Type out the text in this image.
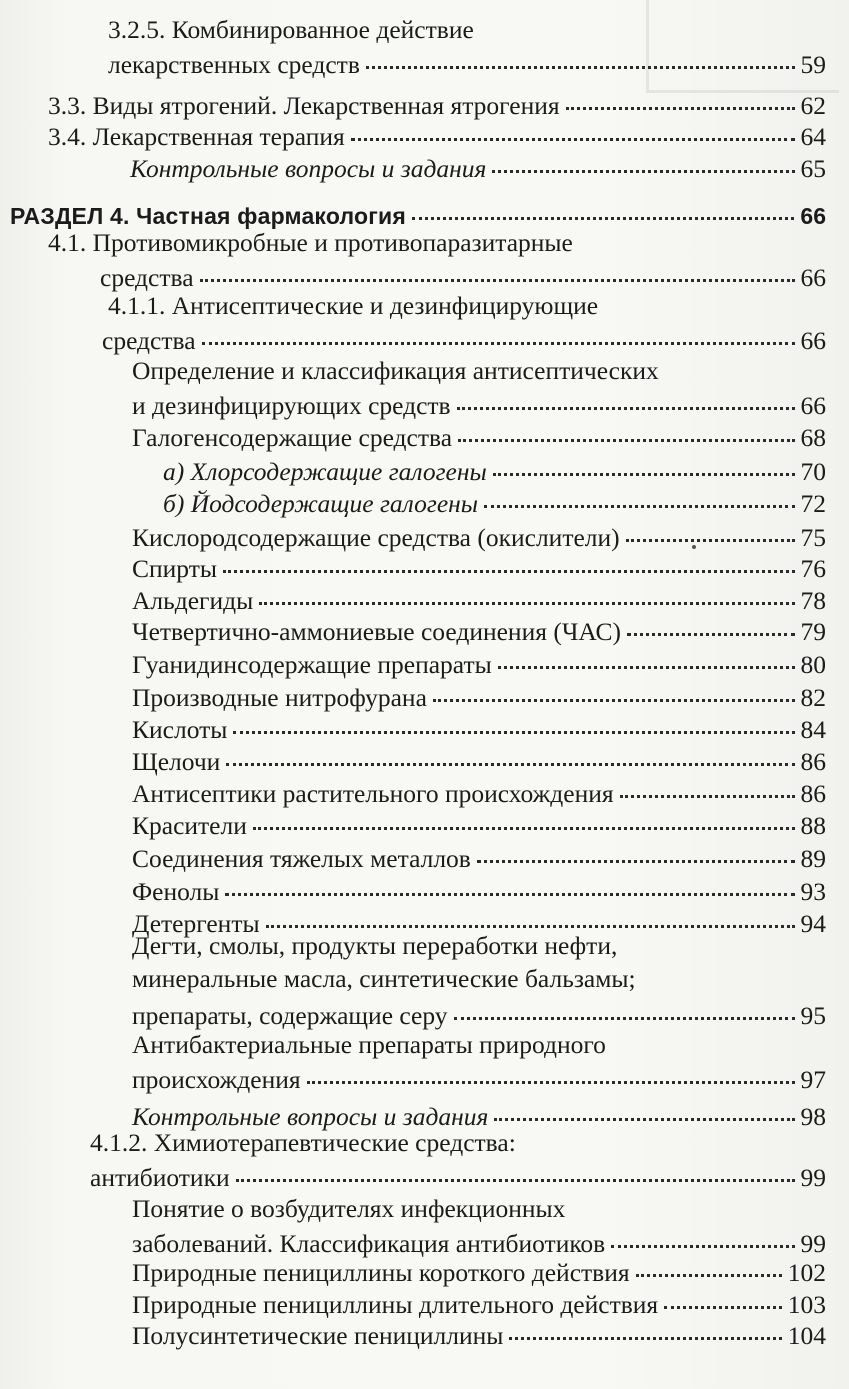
3.2.5. Комбинированное действие
лекарственных средств	59
3.3. Виды ятрогений. Лекарственная ятрогения	62
3.4. Лекарственная терапия	64
Контрольные вопросы и задания	65
РАЗДЕЛ 4. Частная фармакология	66
4.1. Противомикробные и противопаразитарные
средства	66
4.1.1. Антисептические и дезинфицирующие
средства	66
Определение и классификация антисептических
и дезинфицирующих средств	66
Галогенсодержащие средства	68
а) Хлорсодержащие галогены	70
б) Йодсодержащие галогены	72
Кислородсодержащие средства (окислители)	75
Спирты	76
Альдегиды	78
Четвертично-аммониевые соединения (ЧАС)	79
Гуанидинсодержащие препараты	80
Производные нитрофурана	82
Кислоты	84
Щелочи	86
Антисептики растительного происхождения	86
Красители	88
Соединения тяжелых металлов	89
Фенолы	93
Детергенты	94
Дегти, смолы, продукты переработки нефти,
минеральные масла, синтетические бальзамы;
препараты, содержащие серу	95
Антибактериальные препараты природного
происхождения	97
Контрольные вопросы и задания	98
4.1.2. Химиотерапевтические средства:
антибиотики	99
Понятие о возбудителях инфекционных
заболеваний. Классификация антибиотиков	99
Природные пенициллины короткого действия	102
Природные пенициллины длительного действия	103
Полусинтетические пенициллины	104
